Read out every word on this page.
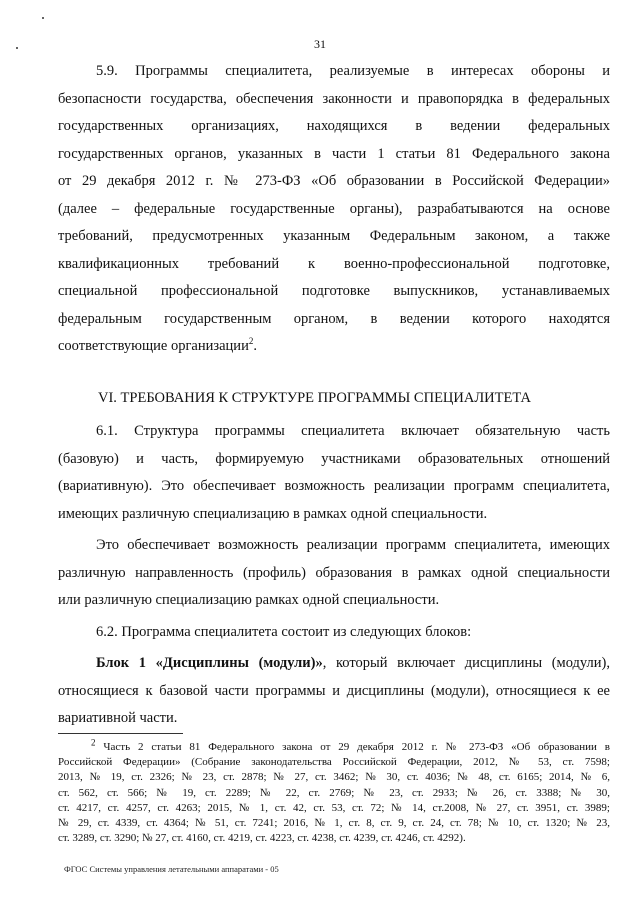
31

5.9. Программы специалитета, реализуемые в интересах обороны и

безопасности государства, обеспечения законности и правопорядка в федеральных

государственных организациях, находящихся в ведении федеральных

государственных органов, указанных в части 1 статьи 81 Федерального закона

от 29 декабря 2012 г. № 273-ФЗ «Об образовании в Российской Федерации»

(далее – федеральные государственные органы), разрабатываются на основе

требований, предусмотренных указанным Федеральным законом, а также

квалификационных требований к военно-профессиональной подготовке,

специальной профессиональной подготовке выпускников, устанавливаемых

федеральным государственным органом, в ведении которого находятся

соответствующие организации$^2$.

VI. ТРЕБОВАНИЯ К СТРУКТУРЕ ПРОГРАММЫ СПЕЦИАЛИТЕТА

6.1. Структура программы специалитета включает обязательную часть

(базовую) и часть, формируемую участниками образовательных отношений

(вариативную). Это обеспечивает возможность реализации программ специалитета,

имеющих различную специализацию в рамках одной специальности.

Это обеспечивает возможность реализации программ специалитета, имеющих

различную направленность (профиль) образования в рамках одной специальности

или различную специализацию рамках одной специальности.

6.2. Программа специалитета состоит из следующих блоков:

Блок 1 «Дисциплины (модули)», который включает дисциплины (модули),

относящиеся к базовой части программы и дисциплины (модули), относящиеся к ее

вариативной части.

$^2$ Часть 2 статьи 81 Федерального закона от 29 декабря 2012 г. № 273-ФЗ «Об образовании в
Российской Федерации» (Собрание законодательства Российской Федерации, 2012, № 53, ст. 7598;
2013, № 19, ст. 2326; № 23, ст. 2878; № 27, ст. 3462; № 30, ст. 4036; № 48, ст. 6165; 2014, № 6,
ст. 562, ст. 566; № 19, ст. 2289; № 22, ст. 2769; № 23, ст. 2933; № 26, ст. 3388; № 30,
ст. 4217, ст. 4257, ст. 4263; 2015, № 1, ст. 42, ст. 53, ст. 72; № 14, ст.2008, № 27, ст. 3951, ст. 3989;
№ 29, ст. 4339, ст. 4364; № 51, ст. 7241; 2016, № 1, ст. 8, ст. 9, ст. 24, ст. 78; № 10, ст. 1320; № 23,
ст. 3289, ст. 3290; № 27, ст. 4160, ст. 4219, ст. 4223, ст. 4238, ст. 4239, ст. 4246, ст. 4292).
ФГОС Системы управления летательными аппаратами - 05
